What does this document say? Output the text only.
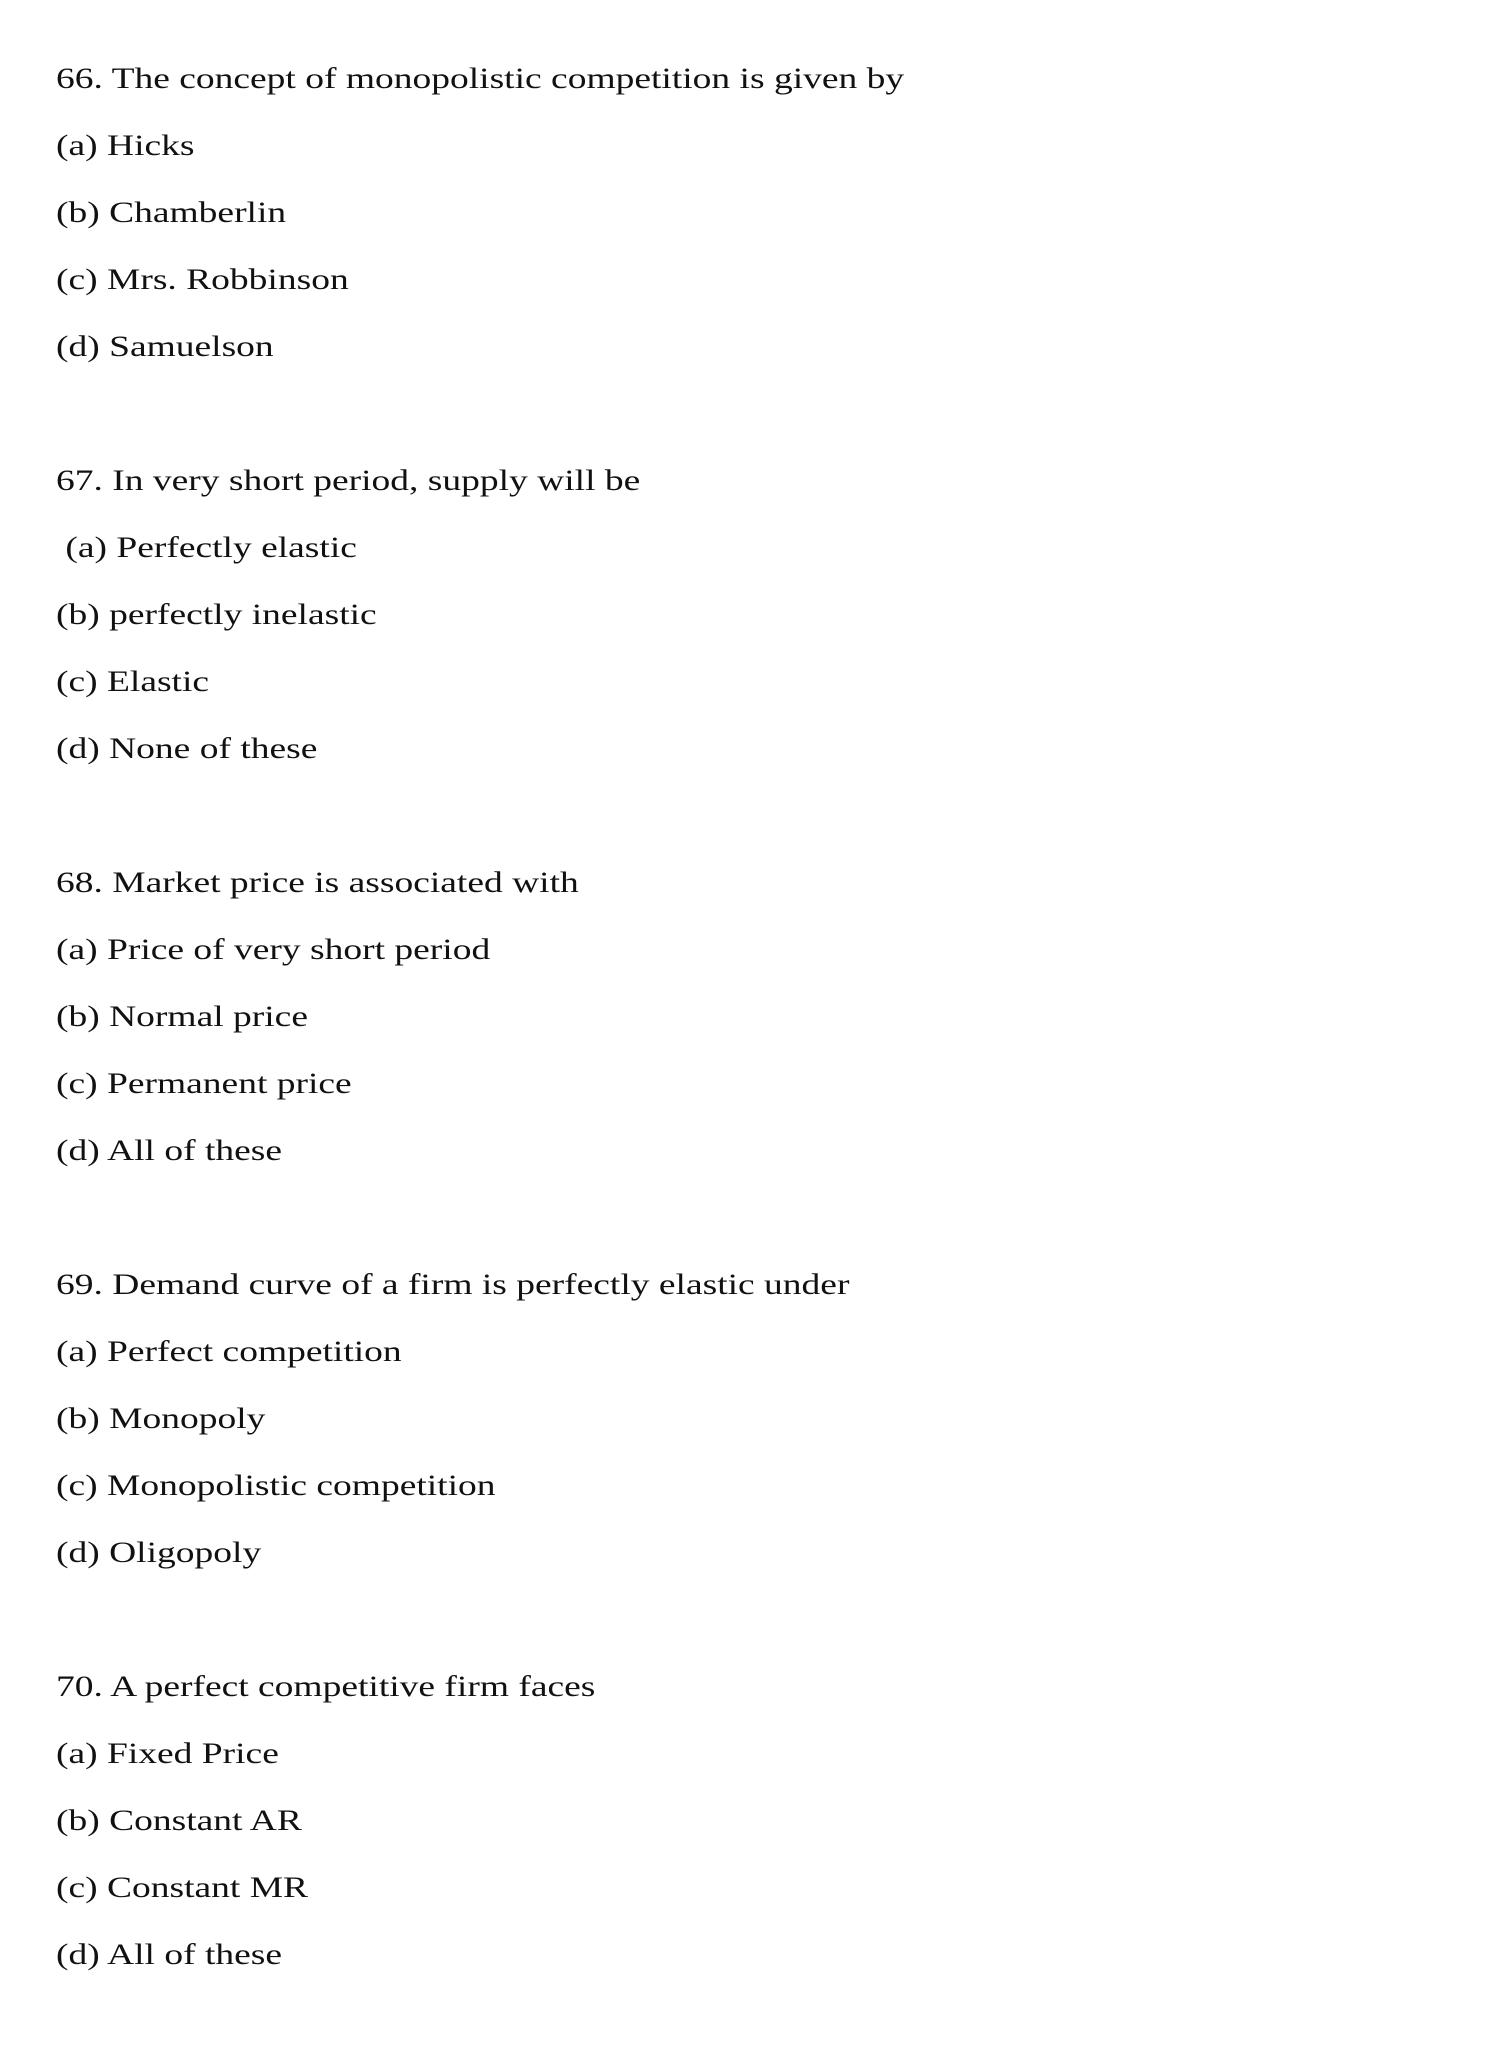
66. The concept of monopolistic competition is given by
(a) Hicks
(b) Chamberlin
(c) Mrs. Robbinson
(d) Samuelson
67. In very short period, supply will be
(a) Perfectly elastic
(b) perfectly inelastic
(c) Elastic
(d) None of these
68. Market price is associated with
(a) Price of very short period
(b) Normal price
(c) Permanent price
(d) All of these
69. Demand curve of a firm is perfectly elastic under
(a) Perfect competition
(b) Monopoly
(c) Monopolistic competition
(d) Oligopoly
70. A perfect competitive firm faces
(a) Fixed Price
(b) Constant AR
(c) Constant MR
(d) All of these
